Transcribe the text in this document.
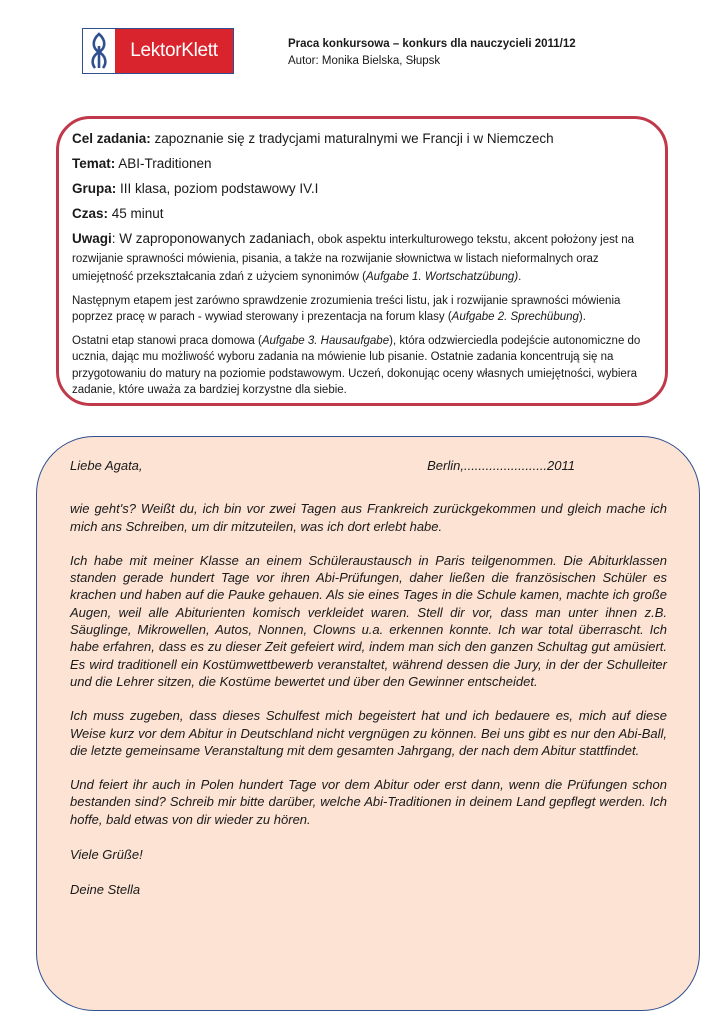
LektorKlett	Praca konkursowa – konkurs dla nauczycieli 2011/12
Autor: Monika Bielska, Słupsk
Cel zadania: zapoznanie się z tradycjami maturalnymi we Francji i w Niemczech
Temat: ABI-Traditionen
Grupa: III klasa, poziom podstawowy IV.I
Czas: 45 minut
Uwagi: W zaproponowanych zadaniach, obok aspektu interkulturowego tekstu, akcent położony jest na rozwijanie sprawności mówienia, pisania, a także na rozwijanie słownictwa w listach nieformalnych oraz umiejętność przekształcania zdań z użyciem synonimów (Aufgabe 1. Wortschatzübung).
Następnym etapem jest zarówno sprawdzenie zrozumienia treści listu, jak i rozwijanie sprawności mówienia poprzez pracę w parach - wywiad sterowany i prezentacja na forum klasy (Aufgabe 2. Sprechübung).
Ostatni etap stanowi praca domowa (Aufgabe 3. Hausaufgabe), która odzwierciedla podejście autonomiczne do ucznia, dając mu możliwość wyboru zadania na mówienie lub pisanie. Ostatnie zadania koncentrują się na przygotowaniu do matury na poziomie podstawowym. Uczeń, dokonując oceny własnych umiejętności, wybiera zadanie, które uważa za bardziej korzystne dla siebie.
Liebe Agata,	Berlin,.......................2011

wie geht's? Weißt du, ich bin vor zwei Tagen aus Frankreich zurückgekommen und gleich mache ich mich ans Schreiben, um dir mitzuteilen, was ich dort erlebt habe.

Ich habe mit meiner Klasse an einem Schüleraustausch in Paris teilgenommen. Die Abiturklassen standen gerade hundert Tage vor ihren Abi-Prüfungen, daher ließen die französischen Schüler es krachen und haben auf die Pauke gehauen. Als sie eines Tages in die Schule kamen, machte ich große Augen, weil alle Abiturienten komisch verkleidet waren. Stell dir vor, dass man unter ihnen z.B. Säuglinge, Mikrowellen, Autos, Nonnen, Clowns u.a. erkennen konnte. Ich war total überrascht. Ich habe erfahren, dass es zu dieser Zeit gefeiert wird, indem man sich den ganzen Schultag gut amüsiert. Es wird traditionell ein Kostümwettbewerb veranstaltet, während dessen die Jury, in der der Schulleiter und die Lehrer sitzen, die Kostüme bewertet und über den Gewinner entscheidet.

Ich muss zugeben, dass dieses Schulfest mich begeistert hat und ich bedauere es, mich auf diese Weise kurz vor dem Abitur in Deutschland nicht vergnügen zu können. Bei uns gibt es nur den Abi-Ball, die letzte gemeinsame Veranstaltung mit dem gesamten Jahrgang, der nach dem Abitur stattfindet.

Und feiert ihr auch in Polen hundert Tage vor dem Abitur oder erst dann, wenn die Prüfungen schon bestanden sind? Schreib mir bitte darüber, welche Abi-Traditionen in deinem Land gepflegt werden. Ich hoffe, bald etwas von dir wieder zu hören.

Viele Grüße!

Deine Stella
